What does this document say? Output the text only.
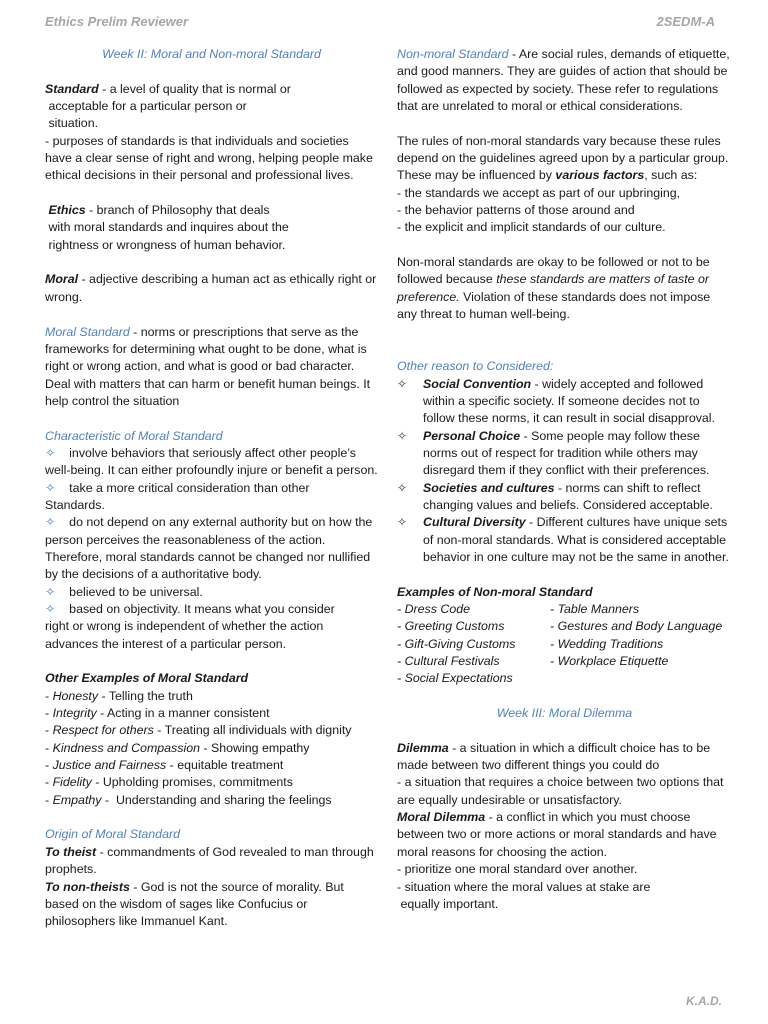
Ethics Prelim Reviewer	2SEDM-A
Week II: Moral and Non-moral Standard
Standard - a level of quality that is normal or
acceptable for a particular person or
situation.
- purposes of standards is that individuals and societies have a clear sense of right and wrong, helping people make ethical decisions in their personal and professional lives.
Ethics - branch of Philosophy that deals
with moral standards and inquires about the
rightness or wrongness of human behavior.
Moral - adjective describing a human act as ethically right or wrong.
Moral Standard - norms or prescriptions that serve as the frameworks for determining what ought to be done, what is right or wrong action, and what is good or bad character. Deal with matters that can harm or benefit human beings. It help control the situation
Characteristic of Moral Standard
✧ involve behaviors that seriously affect other people’s well-being. It can either profoundly injure or benefit a person.
✧ take a more critical consideration than other
Standards.
✧ do not depend on any external authority but on how the person perceives the reasonableness of the action. Therefore, moral standards cannot be changed nor nullified by the decisions of a authoritative body.
✧ believed to be universal.
✧ based on objectivity. It means what you consider
right or wrong is independent of whether the action advances the interest of a particular person.
Other Examples of Moral Standard
- Honesty - Telling the truth
- Integrity - Acting in a manner consistent
- Respect for others - Treating all individuals with dignity
- Kindness and Compassion - Showing empathy
- Justice and Fairness - equitable treatment
- Fidelity - Upholding promises, commitments
- Empathy -  Understanding and sharing the feelings
Origin of Moral Standard
To theist - commandments of God revealed to man through prophets.
To non-theists - God is not the source of morality. But based on the wisdom of sages like Confucius or philosophers like Immanuel Kant.
Non-moral Standard - Are social rules, demands of etiquette, and good manners. They are guides of action that should be followed as expected by society. These refer to regulations that are unrelated to moral or ethical considerations.
The rules of non-moral standards vary because these rules depend on the guidelines agreed upon by a particular group. These may be influenced by various factors, such as:
- the standards we accept as part of our upbringing,
- the behavior patterns of those around and
- the explicit and implicit standards of our culture.
Non-moral standards are okay to be followed or not to be followed because these standards are matters of taste or preference. Violation of these standards does not impose any threat to human well-being.
Other reason to Considered:
✧ Social Convention - widely accepted and followed within a specific society. If someone decides not to follow these norms, it can result in social disapproval.
✧ Personal Choice - Some people may follow these norms out of respect for tradition while others may disregard them if they conflict with their preferences.
✧ Societies and cultures - norms can shift to reflect changing values and beliefs. Considered acceptable.
✧ Cultural Diversity - Different cultures have unique sets of non-moral standards. What is considered acceptable behavior in one culture may not be the same in another.
Examples of Non-moral Standard
- Dress Code	- Table Manners
- Greeting Customs	- Gestures and Body Language
- Gift-Giving Customs	- Wedding Traditions
- Cultural Festivals	- Workplace Etiquette
- Social Expectations
Week III: Moral Dilemma
Dilemma - a situation in which a difficult choice has to be made between two different things you could do
- a situation that requires a choice between two options that are equally undesirable or unsatisfactory.
Moral Dilemma - a conflict in which you must choose between two or more actions or moral standards and have moral reasons for choosing the action.
- prioritize one moral standard over another.
- situation where the moral values at stake are
equally important.
K.A.D.
